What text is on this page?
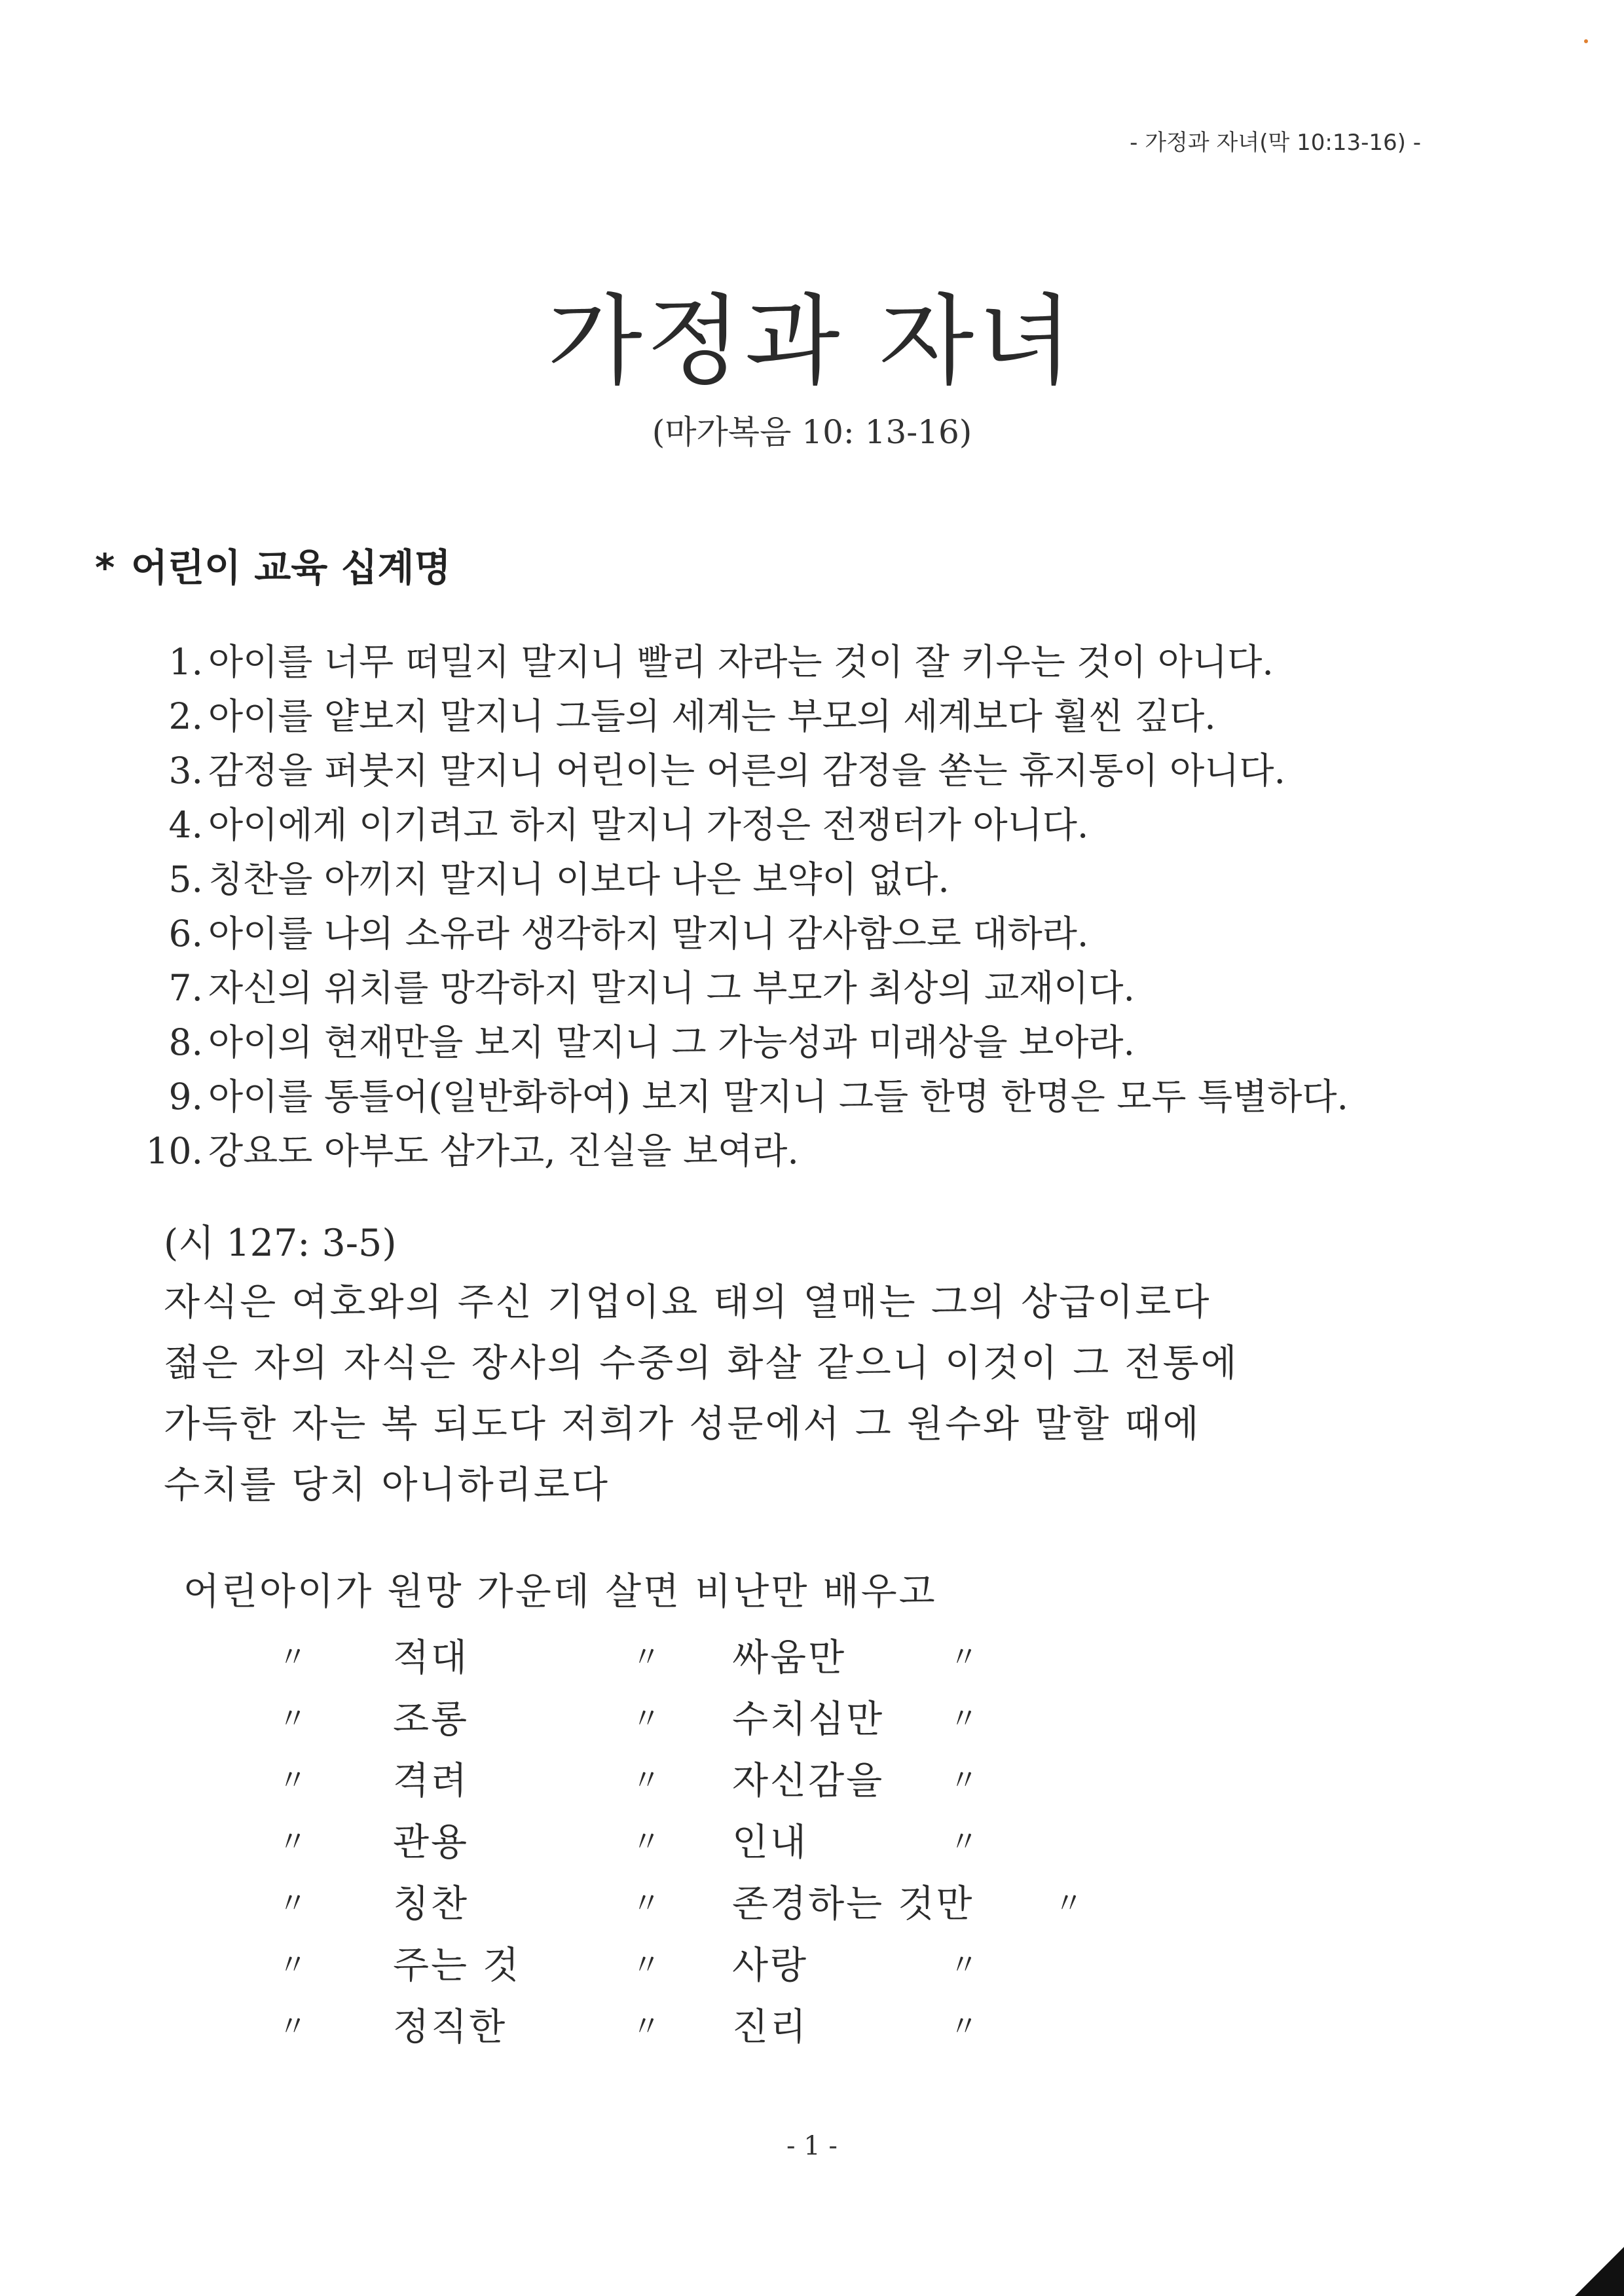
- 가정과 자녀(막 10:13-16) -
가정과 자녀

(마가복음 10: 13-16)

* 어린이 교육 십계명
1. 아이를 너무 떠밀지 말지니 빨리 자라는 것이 잘 키우는 것이 아니다.
2. 아이를 얕보지 말지니 그들의 세계는 부모의 세계보다 훨씬 깊다.
3. 감정을 퍼붓지 말지니 어린이는 어른의 감정을 쏟는 휴지통이 아니다.
4. 아이에게 이기려고 하지 말지니 가정은 전쟁터가 아니다.
5. 칭찬을 아끼지 말지니 이보다 나은 보약이 없다.
6. 아이를 나의 소유라 생각하지 말지니 감사함으로 대하라.
7. 자신의 위치를 망각하지 말지니 그 부모가 최상의 교재이다.
8. 아이의 현재만을 보지 말지니 그 가능성과 미래상을 보아라.
9. 아이를 통틀어(일반화하여) 보지 말지니 그들 한명 한명은 모두 특별하다.
10. 강요도 아부도 삼가고, 진실을 보여라.
(시 127: 3-5)
자식은 여호와의 주신 기업이요 태의 열매는 그의 상급이로다
젊은 자의 자식은 장사의 수중의 화살 같으니 이것이 그 전통에
가득한 자는 복 되도다 저희가 성문에서 그 원수와 말할 때에
수치를 당치 아니하리로다
어린아이가 원망 가운데 살면 비난만 배우고
〃 적대	〃 싸움만	〃
〃 조롱	〃 수치심만 〃
〃 격려	〃 자신감을 〃
〃 관용	〃 인내	〃
〃 칭찬	〃 존경하는 것만	〃
〃 주는 것	〃 사랑	〃
〃 정직한	〃 진리	〃
- 1 -
